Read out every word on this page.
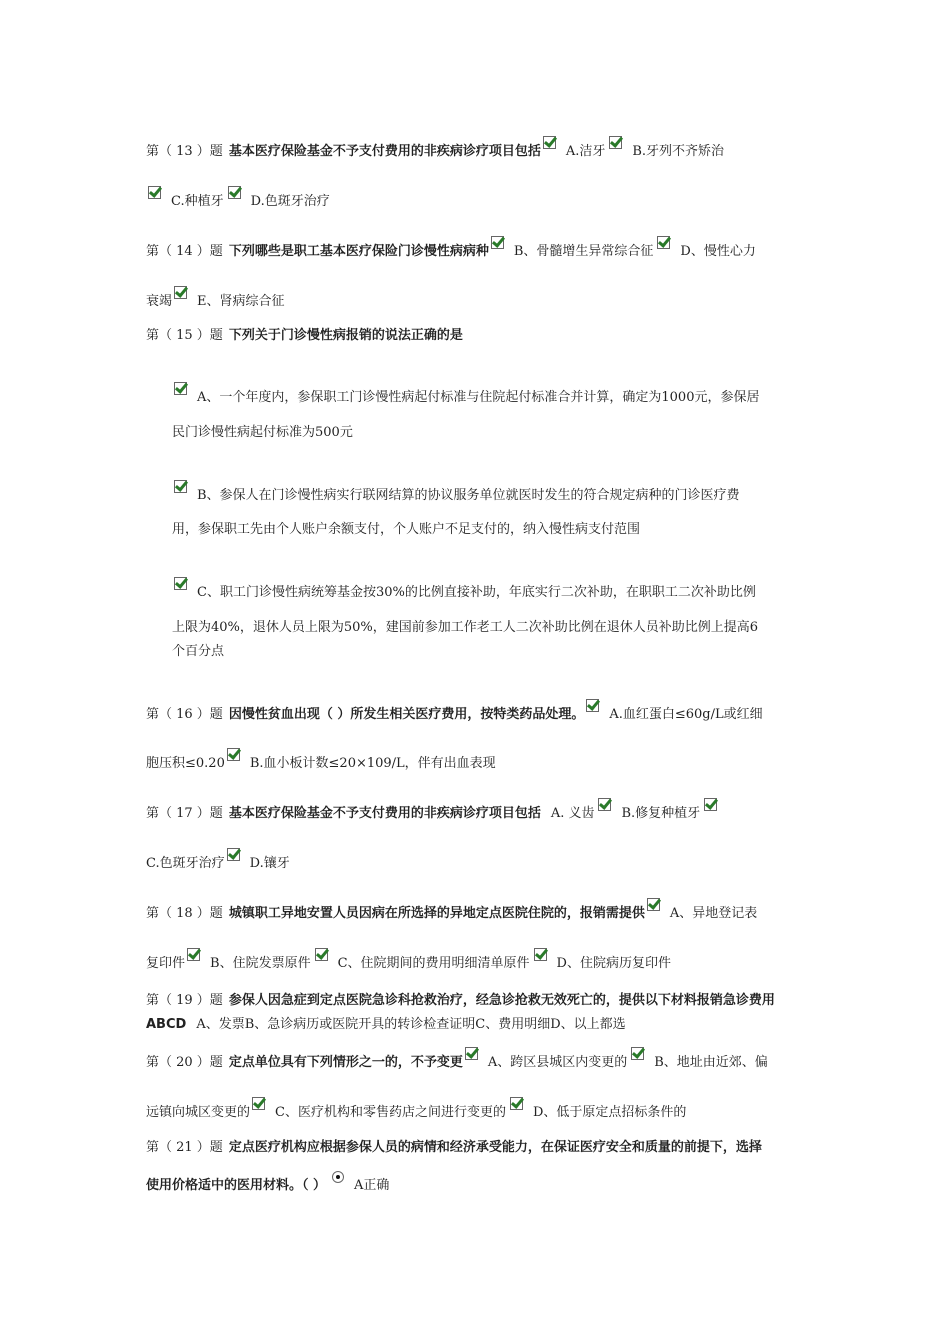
第（ 13 ）题 基本医疗保险基金不予支付费用的非疾病诊疗项目包括 A.洁牙 B.牙列不齐矫治
C.种植牙 D.色斑牙治疗
第（ 14 ）题 下列哪些是职工基本医疗保险门诊慢性病病种 B、骨髓增生异常综合征 D、慢性心力
衰竭 E、肾病综合征
第（ 15 ）题 下列关于门诊慢性病报销的说法正确的是
A、一个年度内，参保职工门诊慢性病起付标准与住院起付标准合并计算，确定为1000元，参保居
民门诊慢性病起付标准为500元
B、参保人在门诊慢性病实行联网结算的协议服务单位就医时发生的符合规定病种的门诊医疗费
用，参保职工先由个人账户余额支付，个人账户不足支付的，纳入慢性病支付范围
C、职工门诊慢性病统筹基金按30%的比例直接补助，年底实行二次补助，在职职工二次补助比例
上限为40%，退休人员上限为50%，建国前参加工作老工人二次补助比例在退休人员补助比例上提高6
个百分点
第（ 16 ）题 因慢性贫血出现（ ）所发生相关医疗费用，按特类药品处理。 A.血红蛋白≤60g/L或红细
胞压积≤0.20 B.血小板计数≤20×109/L，伴有出血表现
第（ 17 ）题 基本医疗保险基金不予支付费用的非疾病诊疗项目包括 A. 义齿 B.修复种植牙
C.色斑牙治疗 D.镶牙
第（ 18 ）题 城镇职工异地安置人员因病在所选择的异地定点医院住院的，报销需提供 A、异地登记表
复印件 B、住院发票原件 C、住院期间的费用明细清单原件 D、住院病历复印件
第（ 19 ）题 参保人因急症到定点医院急诊科抢救治疗，经急诊抢救无效死亡的，提供以下材料报销急诊费用 ABCD A、发票B、急诊病历或医院开具的转诊检查证明C、费用明细D、以上都选
第（ 20 ）题 定点单位具有下列情形之一的，不予变更 A、跨区县城区内变更的 B、地址由近郊、偏
远镇向城区变更的 C、医疗机构和零售药店之间进行变更的 D、低于原定点招标条件的
第（ 21 ）题 定点医疗机构应根据参保人员的病情和经济承受能力，在保证医疗安全和质量的前提下，选择
使用价格适中的医用材料。（ ） A正确
